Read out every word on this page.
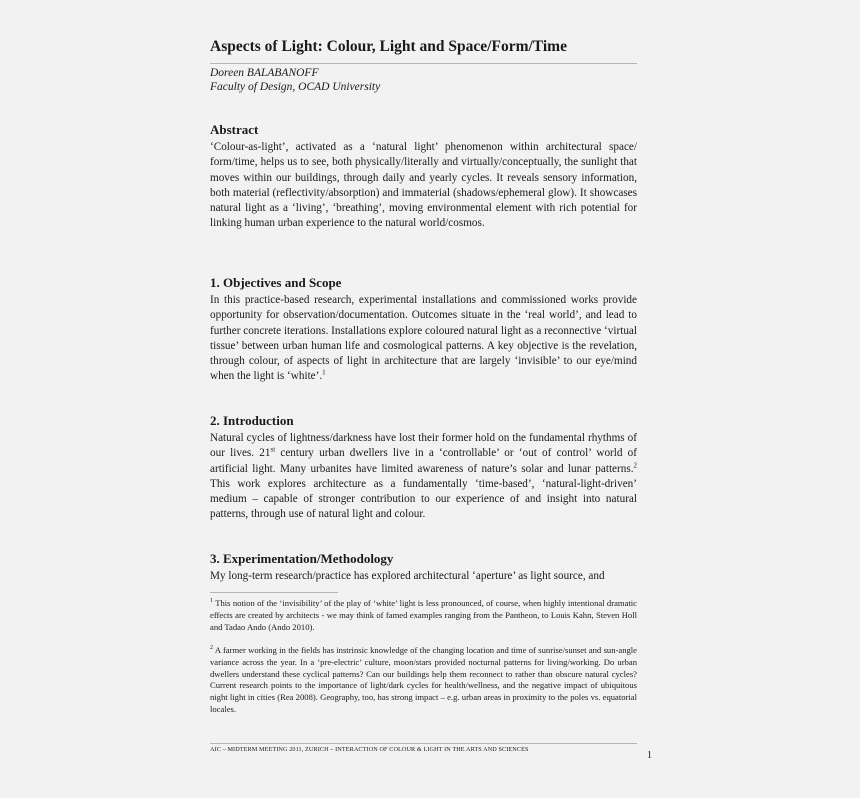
Aspects of Light: Colour, Light and Space/Form/Time
Doreen BALABANOFF
Faculty of Design, OCAD University
Abstract
‘Colour-as-light’, activated as a ‘natural light’ phenomenon within architectural space/ form/time, helps us to see, both physically/literally and virtually/conceptually, the sunlight that moves within our buildings, through daily and yearly cycles. It reveals sensory information, both material (reflectivity/absorption) and immaterial (shadows/ephemeral glow). It showcases natural light as a ‘living’, ‘breathing’, moving environmental element with rich potential for linking human urban experience to the natural world/cosmos.
1. Objectives and Scope
In this practice-based research, experimental installations and commissioned works provide opportunity for observation/documentation. Outcomes situate in the ‘real world’, and lead to further concrete iterations. Installations explore coloured natural light as a reconnective ‘virtual tissue’ between urban human life and cosmological patterns. A key objective is the revelation, through colour, of aspects of light in architecture that are largely ‘invisible’ to our eye/mind when the light is ‘white’.$^1$
2. Introduction
Natural cycles of lightness/darkness have lost their former hold on the fundamental rhythms of our lives. 21st century urban dwellers live in a ‘controllable’ or ‘out of control’ world of artificial light. Many urbanites have limited awareness of nature’s solar and lunar patterns.$^2$ This work explores architecture as a fundamentally ‘time-based’, ‘natural-light-driven’ medium – capable of stronger contribution to our experience of and insight into natural patterns, through use of natural light and colour.
3. Experimentation/Methodology
My long-term research/practice has explored architectural ‘aperture’ as light source, and
$^1$ This notion of the ‘invisibility’ of the play of ‘white’ light is less pronounced, of course, when highly intentional dramatic effects are created by architects - we may think of famed examples ranging from the Pantheon, to Louis Kahn, Steven Holl and Tadao Ando (Ando 2010).
$^2$ A farmer working in the fields has instrinsic knowledge of the changing location and time of sunrise/sunset and sun-angle variance across the year. In a ‘pre-electric’ culture, moon/stars provided nocturnal patterns for living/working. Do urban dwellers understand these cyclical patterns? Can our buildings help them reconnect to rather than obscure natural cycles? Current research points to the importance of light/dark cycles for health/wellness, and the negative impact of ubiquitous night light in cities (Rea 2008). Geography, too, has strong impact – e.g. urban areas in proximity to the poles vs. equatorial locales.
AIC – MIDTERM MEETING 2011, ZURICH – INTERACTION OF COLOUR & LIGHT IN THE ARTS AND SCIENCES
1
